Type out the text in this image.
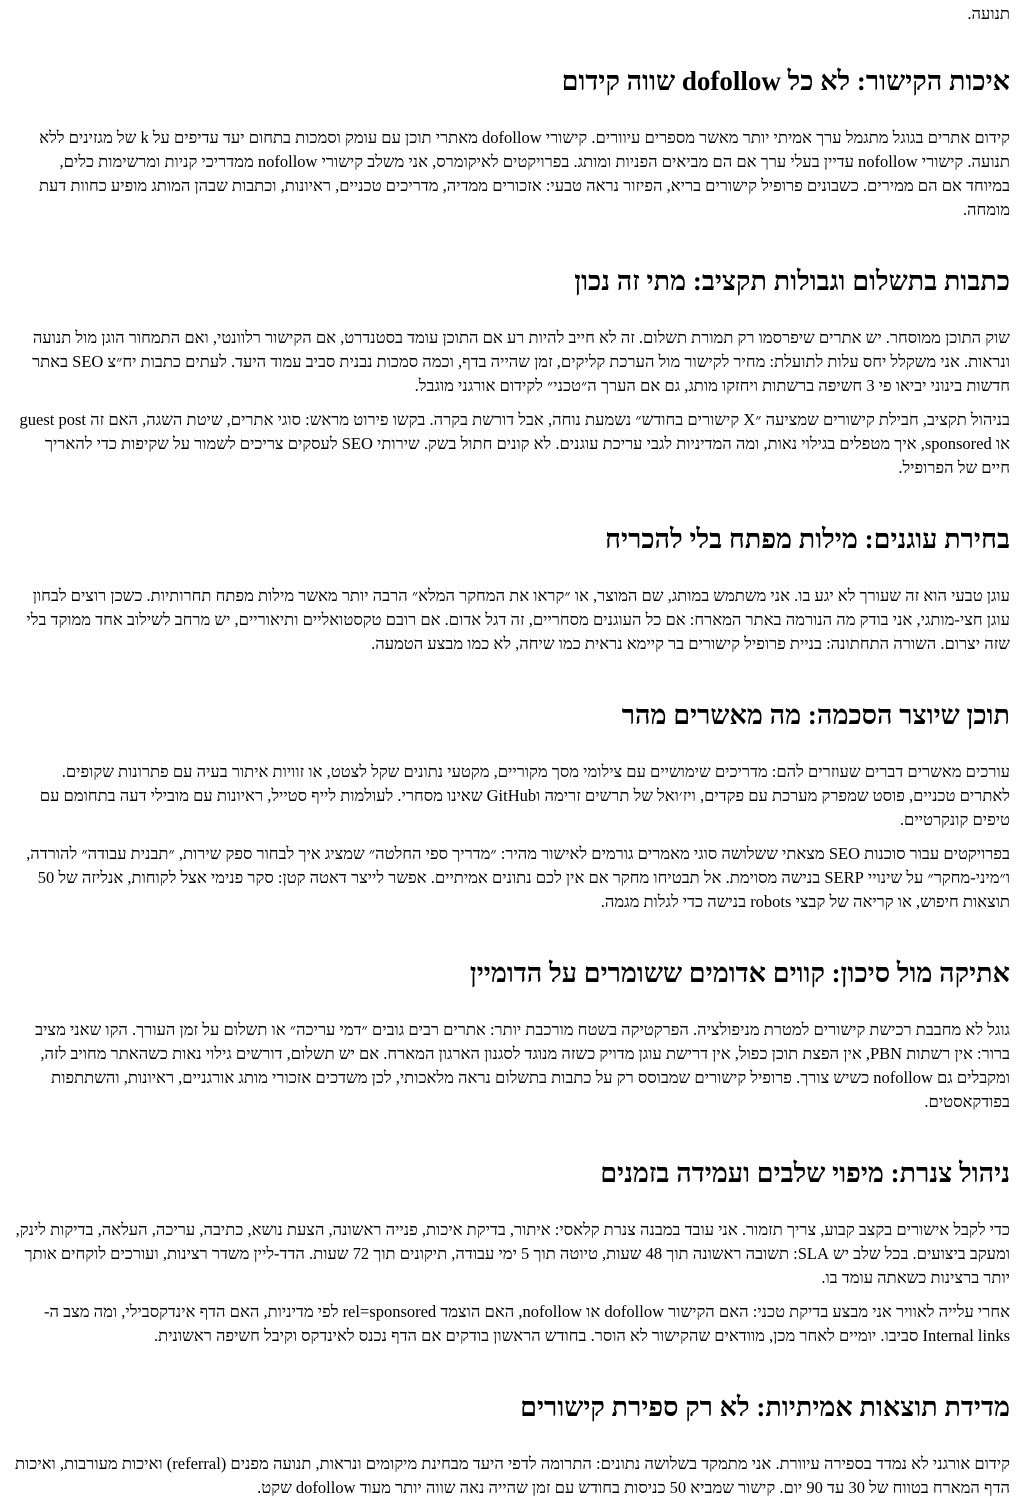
תנועה.

איכות הקישור: לא כל dofollow שווה קידום

קידום אתרים בגוגל מתגמל ערך אמיתי יותר מאשר מספרים עיוורים. קישורי dofollow מאתרי תוכן עם עומק וסמכות בתחום יעד עדיפים על k של מגזינים ללא תנועה. קישורי nofollow עדיין בעלי ערך אם הם מביאים הפניות ומותג. בפרויקטים לאיקומרס, אני משלב קישורי nofollow ממדריכי קניות ומרשימות כלים, במיוחד אם הם ממירים. כשבונים פרופיל קישורים בריא, הפיזור נראה טבעי: אזכורים ממדיה, מדריכים טכניים, ראיונות, וכתבות שבהן המותג מופיע כחוות דעת מומחה.

כתבות בתשלום וגבולות תקציב: מתי זה נכון

שוק התוכן ממוסחר. יש אתרים שיפרסמו רק תמורת תשלום. זה לא חייב להיות רע אם התוכן עומד בסטנדרט, אם הקישור רלוונטי, ואם התמחור הוגן מול תנועה ונראות. אני משקלל יחס עלות לתועלת: מחיר לקישור מול הערכת קליקים, זמן שהייה בדף, וכמה סמכות נבנית סביב עמוד היעד. לעתים כתבות יח״צ SEO באתר חדשות בינוני יביאו פי 3 חשיפה ברשתות ויחזקו מותג, גם אם הערך ה״טכני״ לקידום אורגני מוגבל.

בניהול תקציב, חבילת קישורים שמציעה ״X קישורים בחודש״ נשמעת נוחה, אבל דורשת בקרה. בקשו פירוט מראש: סוגי אתרים, שיטת השגה, האם זה guest post או sponsored, איך מטפלים בגילוי נאות, ומה המדיניות לגבי עריכת עוגנים. לא קונים חתול בשק. שירותי SEO לעסקים צריכים לשמור על שקיפות כדי להאריך חיים של הפרופיל.

בחירת עוגנים: מילות מפתח בלי להכריח

עוגן טבעי הוא זה שעורך לא יגע בו. אני משתמש במותג, שם המוצר, או ״קראו את המחקר המלא״ הרבה יותר מאשר מילות מפתח תחרותיות. כשכן רוצים לבחון עוגן חצי-מותגי, אני בודק מה הנורמה באתר המארח: אם כל העוגנים מסחריים, זה דגל אדום. אם רובם טקסטואליים ותיאוריים, יש מרחב לשילוב אחד ממוקד בלי שזה יצרום. השורה התחתונה: בניית פרופיל קישורים בר קיימא נראית כמו שיחה, לא כמו מבצע הטמעה.

תוכן שיוצר הסכמה: מה מאשרים מהר

עורכים מאשרים דברים שעוזרים להם: מדריכים שימושיים עם צילומי מסך מקוריים, מקטעי נתונים שקל לצטט, או זוויות איתור בעיה עם פתרונות שקופים. לאתרים טכניים, פוסט שמפרק מערכת עם פקדים, ויז׳ואל של תרשים זרימה וGitHub שאינו מסחרי. לעולמות לייף סטייל, ראיונות עם מובילי דעה בתחומם עם טיפים קונקרטיים.

בפרויקטים עבור סוכנות SEO מצאתי ששלושה סוגי מאמרים גורמים לאישור מהיר: ״מדריך ספי החלטה״ שמציג איך לבחור ספק שירות, ״תבנית עבודה״ להורדה, ו״מיני-מחקר״ על שינויי SERP בנישה מסוימת. אל תבטיחו מחקר אם אין לכם נתונים אמיתיים. אפשר לייצר דאטה קטן: סקר פנימי אצל לקוחות, אנליזה של 50 תוצאות חיפוש, או קריאה של קבצי robots בנישה כדי לגלות מגמה.

אתיקה מול סיכון: קווים אדומים ששומרים על הדומיין

גוגל לא מחבבת רכישת קישורים למטרת מניפולציה. הפרקטיקה בשטח מורכבת יותר: אתרים רבים גובים ״דמי עריכה״ או תשלום על זמן העורך. הקו שאני מציב ברור: אין רשתות PBN, אין הפצת תוכן כפול, אין דרישת עוגן מדויק כשזה מנוגד לסגנון הארגון המארח. אם יש תשלום, דורשים גילוי נאות כשהאתר מחויב לזה, ומקבלים גם nofollow כשיש צורך. פרופיל קישורים שמבוסס רק על כתבות בתשלום נראה מלאכותי, לכן משדכים אזכורי מותג אורגניים, ראיונות, והשתתפות בפודקאסטים.

ניהול צנרת: מיפוי שלבים ועמידה בזמנים

כדי לקבל אישורים בקצב קבוע, צריך תזמור. אני עובד במבנה צנרת קלאסי: איתור, בדיקת איכות, פנייה ראשונה, הצעת נושא, כתיבה, עריכה, העלאה, בדיקות לינק, ומעקב ביצועים. בכל שלב יש SLA: תשובה ראשונה תוך 48 שעות, טיוטה תוך 5 ימי עבודה, תיקונים תוך 72 שעות. הדד-ליין משדר רצינות, ועורכים לוקחים אותך יותר ברצינות כשאתה עומד בו.

אחרי עלייה לאוויר אני מבצע בדיקת טכני: האם הקישור dofollow או nofollow, האם הוצמד rel=sponsored לפי מדיניות, האם הדף אינדקסבילי, ומה מצב ה-Internal links סביבו. יומיים לאחר מכן, מוודאים שהקישור לא הוסר. בחודש הראשון בודקים אם הדף נכנס לאינדקס וקיבל חשיפה ראשונית.

מדידת תוצאות אמיתיות: לא רק ספירת קישורים

קידום אורגני לא נמדד בספירה עיוורת. אני מתמקד בשלושה נתונים: התרומה לדפי היעד מבחינת מיקומים ונראות, תנועה מפנים (referral) ואיכות מעורבות, ואיכות הדף המארח בטווח של 30 עד 90 יום. קישור שמביא 50 כניסות בחודש עם זמן שהייה נאה שווה יותר מעוד dofollow שקט.
